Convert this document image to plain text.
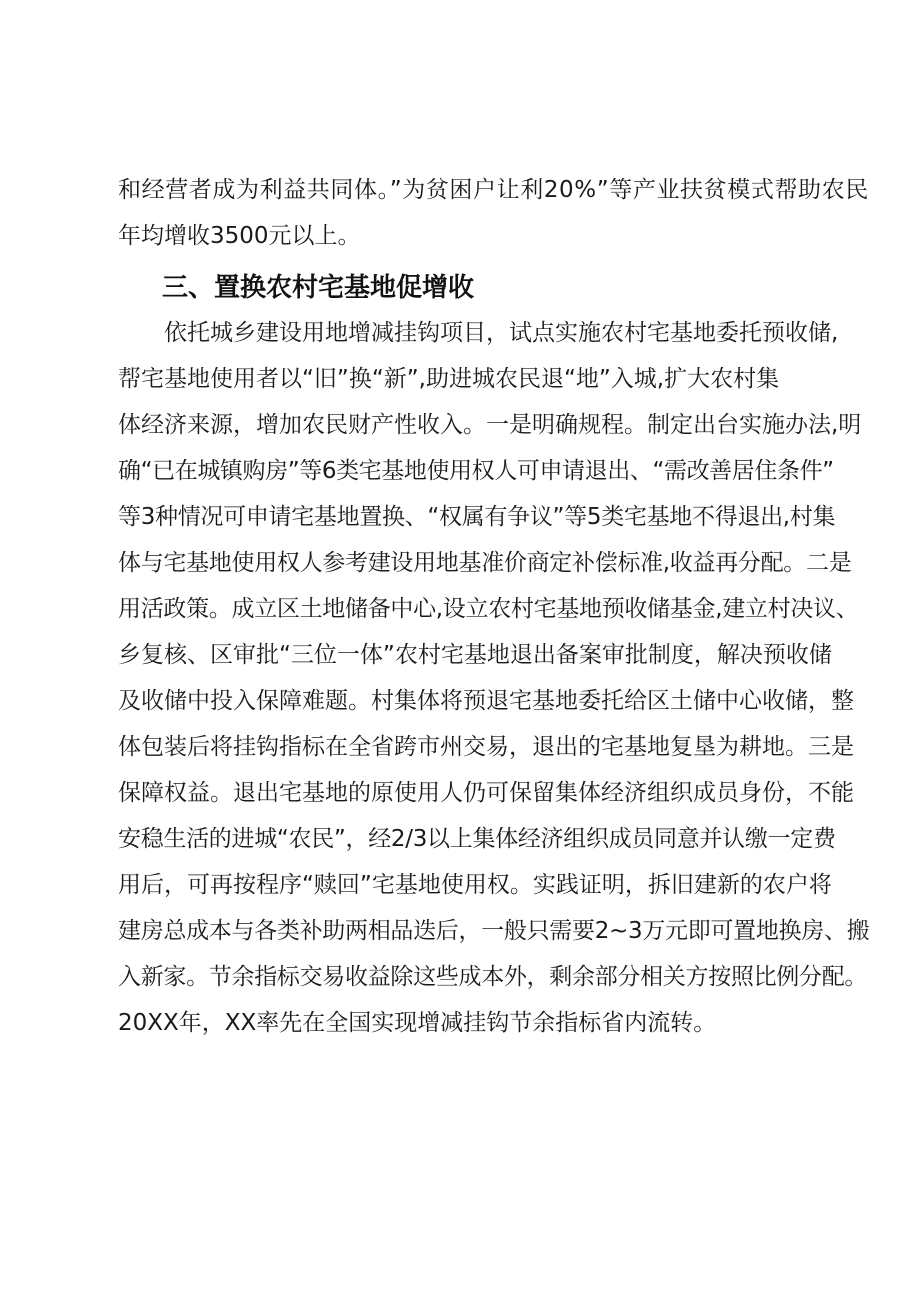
和经营者成为利益共同体。”为贫困户让利20%”等产业扶贫模式帮助农民
年均增收3500元以上。
三、置换农村宅基地促增收
依托城乡建设用地增减挂钩项目，试点实施农村宅基地委托预收储,
帮宅基地使用者以“旧”换“新”,助进城农民退“地”入城,扩大农村集
体经济来源，增加农民财产性收入。一是明确规程。制定出台实施办法,明
确“已在城镇购房”等6类宅基地使用权人可申请退出、“需改善居住条件”
等3种情况可申请宅基地置换、“权属有争议”等5类宅基地不得退出,村集
体与宅基地使用权人参考建设用地基准价商定补偿标准,收益再分配。二是
用活政策。成立区土地储备中心,设立农村宅基地预收储基金,建立村决议、
乡复核、区审批“三位一体”农村宅基地退出备案审批制度，解决预收储
及收储中投入保障难题。村集体将预退宅基地委托给区土储中心收储，整
体包装后将挂钩指标在全省跨市州交易，退出的宅基地复垦为耕地。三是
保障权益。退出宅基地的原使用人仍可保留集体经济组织成员身份，不能
安稳生活的进城“农民”，经2/3以上集体经济组织成员同意并认缴一定费
用后，可再按程序“赎回”宅基地使用权。实践证明，拆旧建新的农户将
建房总成本与各类补助两相品迭后，一般只需要2~3万元即可置地换房、搬
入新家。节余指标交易收益除这些成本外，剩余部分相关方按照比例分配。
20XX年，XX率先在全国实现增减挂钩节余指标省内流转。
